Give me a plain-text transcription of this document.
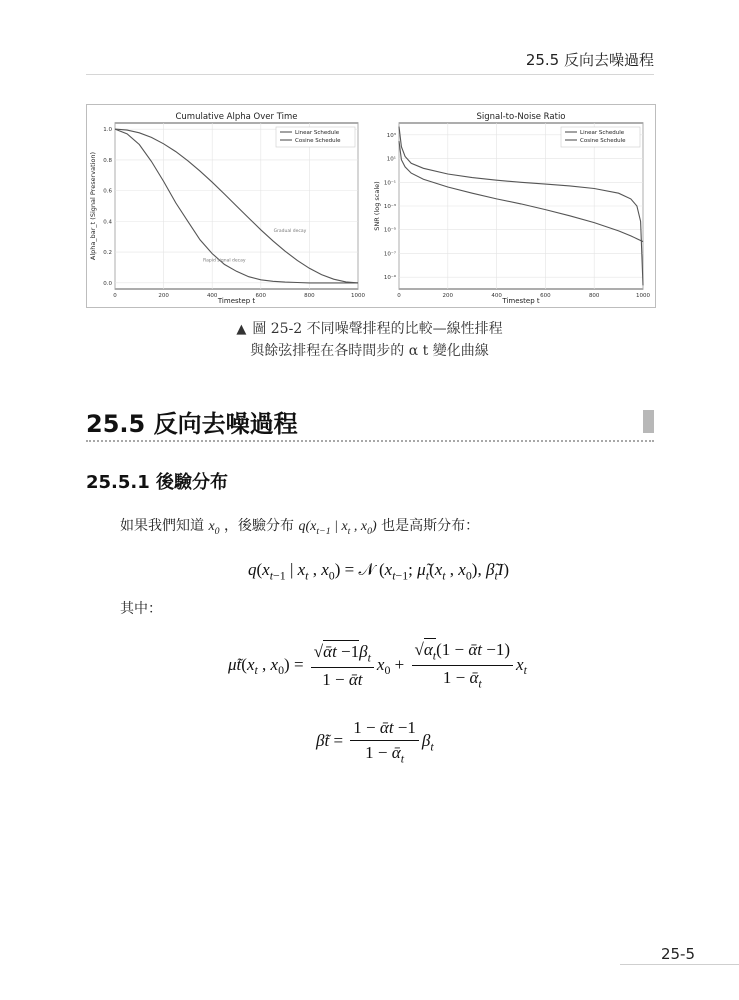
25.5 反向去噪過程
Cumulative Alpha Over Time
Timestep t
Alpha_bar_t (Signal Preservation)
0	200	400	600	800	1000
0.0
0.2
0.4
0.6
0.8
1.0	Linear Schedule
Cosine Schedule
Gradual decay
Rapid signal decay
Signal-to-Noise Ratio
Timestep t
SNR (log scale)
0	200	400	600	800	1000
10³
10¹
10⁻¹
10⁻³
10⁻⁵
10⁻⁷
10⁻⁹
Linear Schedule
Cosine Schedule
▲ 圖 25-2 不同噪聲排程的比較—線性排程
與餘弦排程在各時間步的 α t 變化曲線
25.5 反向去噪過程
25.5.1 後驗分布
如果我們知道 $x_0$ ，後驗分布 $q(x_{t-1}$ | $x_t$ , $x_0$) 也是高斯分布：
$q(x_{t-1}$ | $x_t$ , $x_0$) = 𝒩 ($x_{t-1}$; $\mũ_t(x_t$ , $x_0$), $\betã_tI$)
其中：
$\mũt(x_t$ , $x_0) = \frac{√ᾱt -1\beta_t}{\text{1 − ᾱt}} x_0 + \frac{√\alpha_t(1 - ᾱt -1)}{1 - ᾱ_t} x_t$
β̃t = $\frac{\text{1 − ᾱt −1}}{1 - ᾱ_t} \beta_t$
25-5
